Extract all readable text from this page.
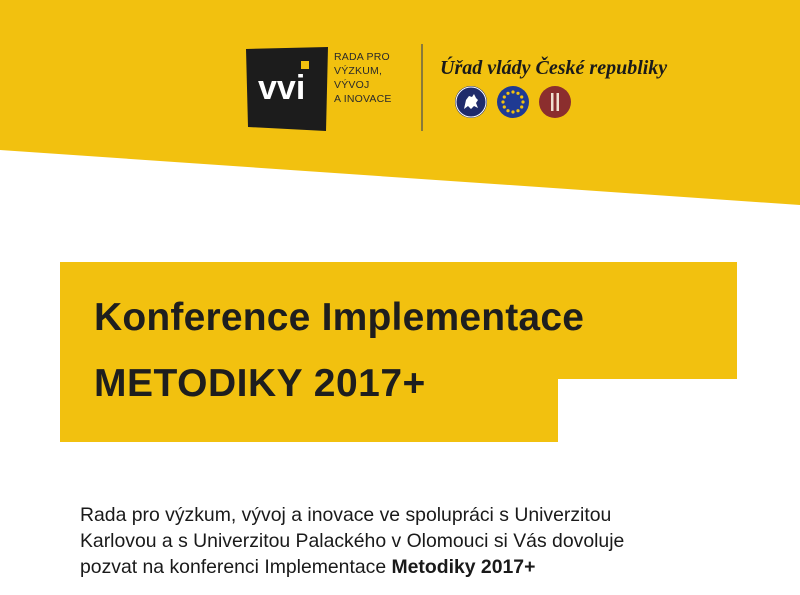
vvi
RADA PRO
VÝZKUM,
VÝVOJ
A INOVACE
Úřad vlády České republiky
Konference Implementace
METODIKY 2017+
Rada pro výzkum, vývoj a inovace ve spolupráci s Univerzitou
Karlovou a s Univerzitou Palackého v Olomouci si Vás dovoluje
pozvat na konferenci Implementace Metodiky 2017+
